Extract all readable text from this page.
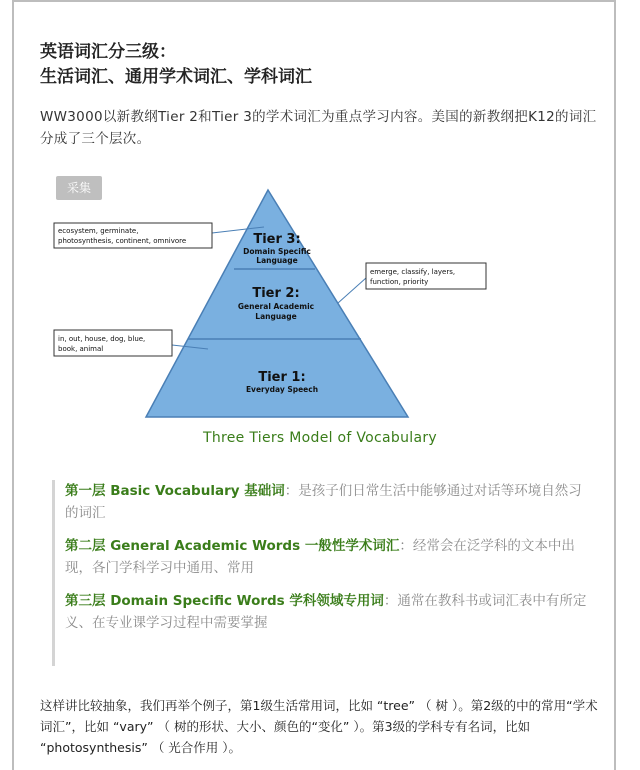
英语词汇分三级：
生活词汇、通用学术词汇、学科词汇
WW3000以新教纲Tier 2和Tier 3的学术词汇为重点学习内容。美国的新教纲把K12的词汇分成了三个层次。
Tier 3:
Domain Specific
Language
Tier 2:
General Academic
Language
Tier 1:
Everyday Speech
ecosystem, germinate,
photosynthesis, continent, omnivore
emerge, classify, layers,
function, priority
in, out, house, dog, blue,
book, animal
采集
Three Tiers Model of Vocabulary
第一层 Basic Vocabulary 基础词：是孩子们日常生活中能够通过对话等环境自然习的词汇
第二层 General Academic Words 一般性学术词汇：经常会在泛学科的文本中出现，各门学科学习中通用、常用
第三层 Domain Specific Words 学科领域专用词：通常在教科书或词汇表中有所定义、在专业课学习过程中需要掌握
这样讲比较抽象，我们再举个例子，第1级生活常用词，比如 “tree” （ 树 ）。第2级的中的常用“学术词汇”，比如 “vary” （ 树的形状、大小、颜色的“变化” ）。第3级的学科专有名词，比如 “photosynthesis” （ 光合作用 ）。
